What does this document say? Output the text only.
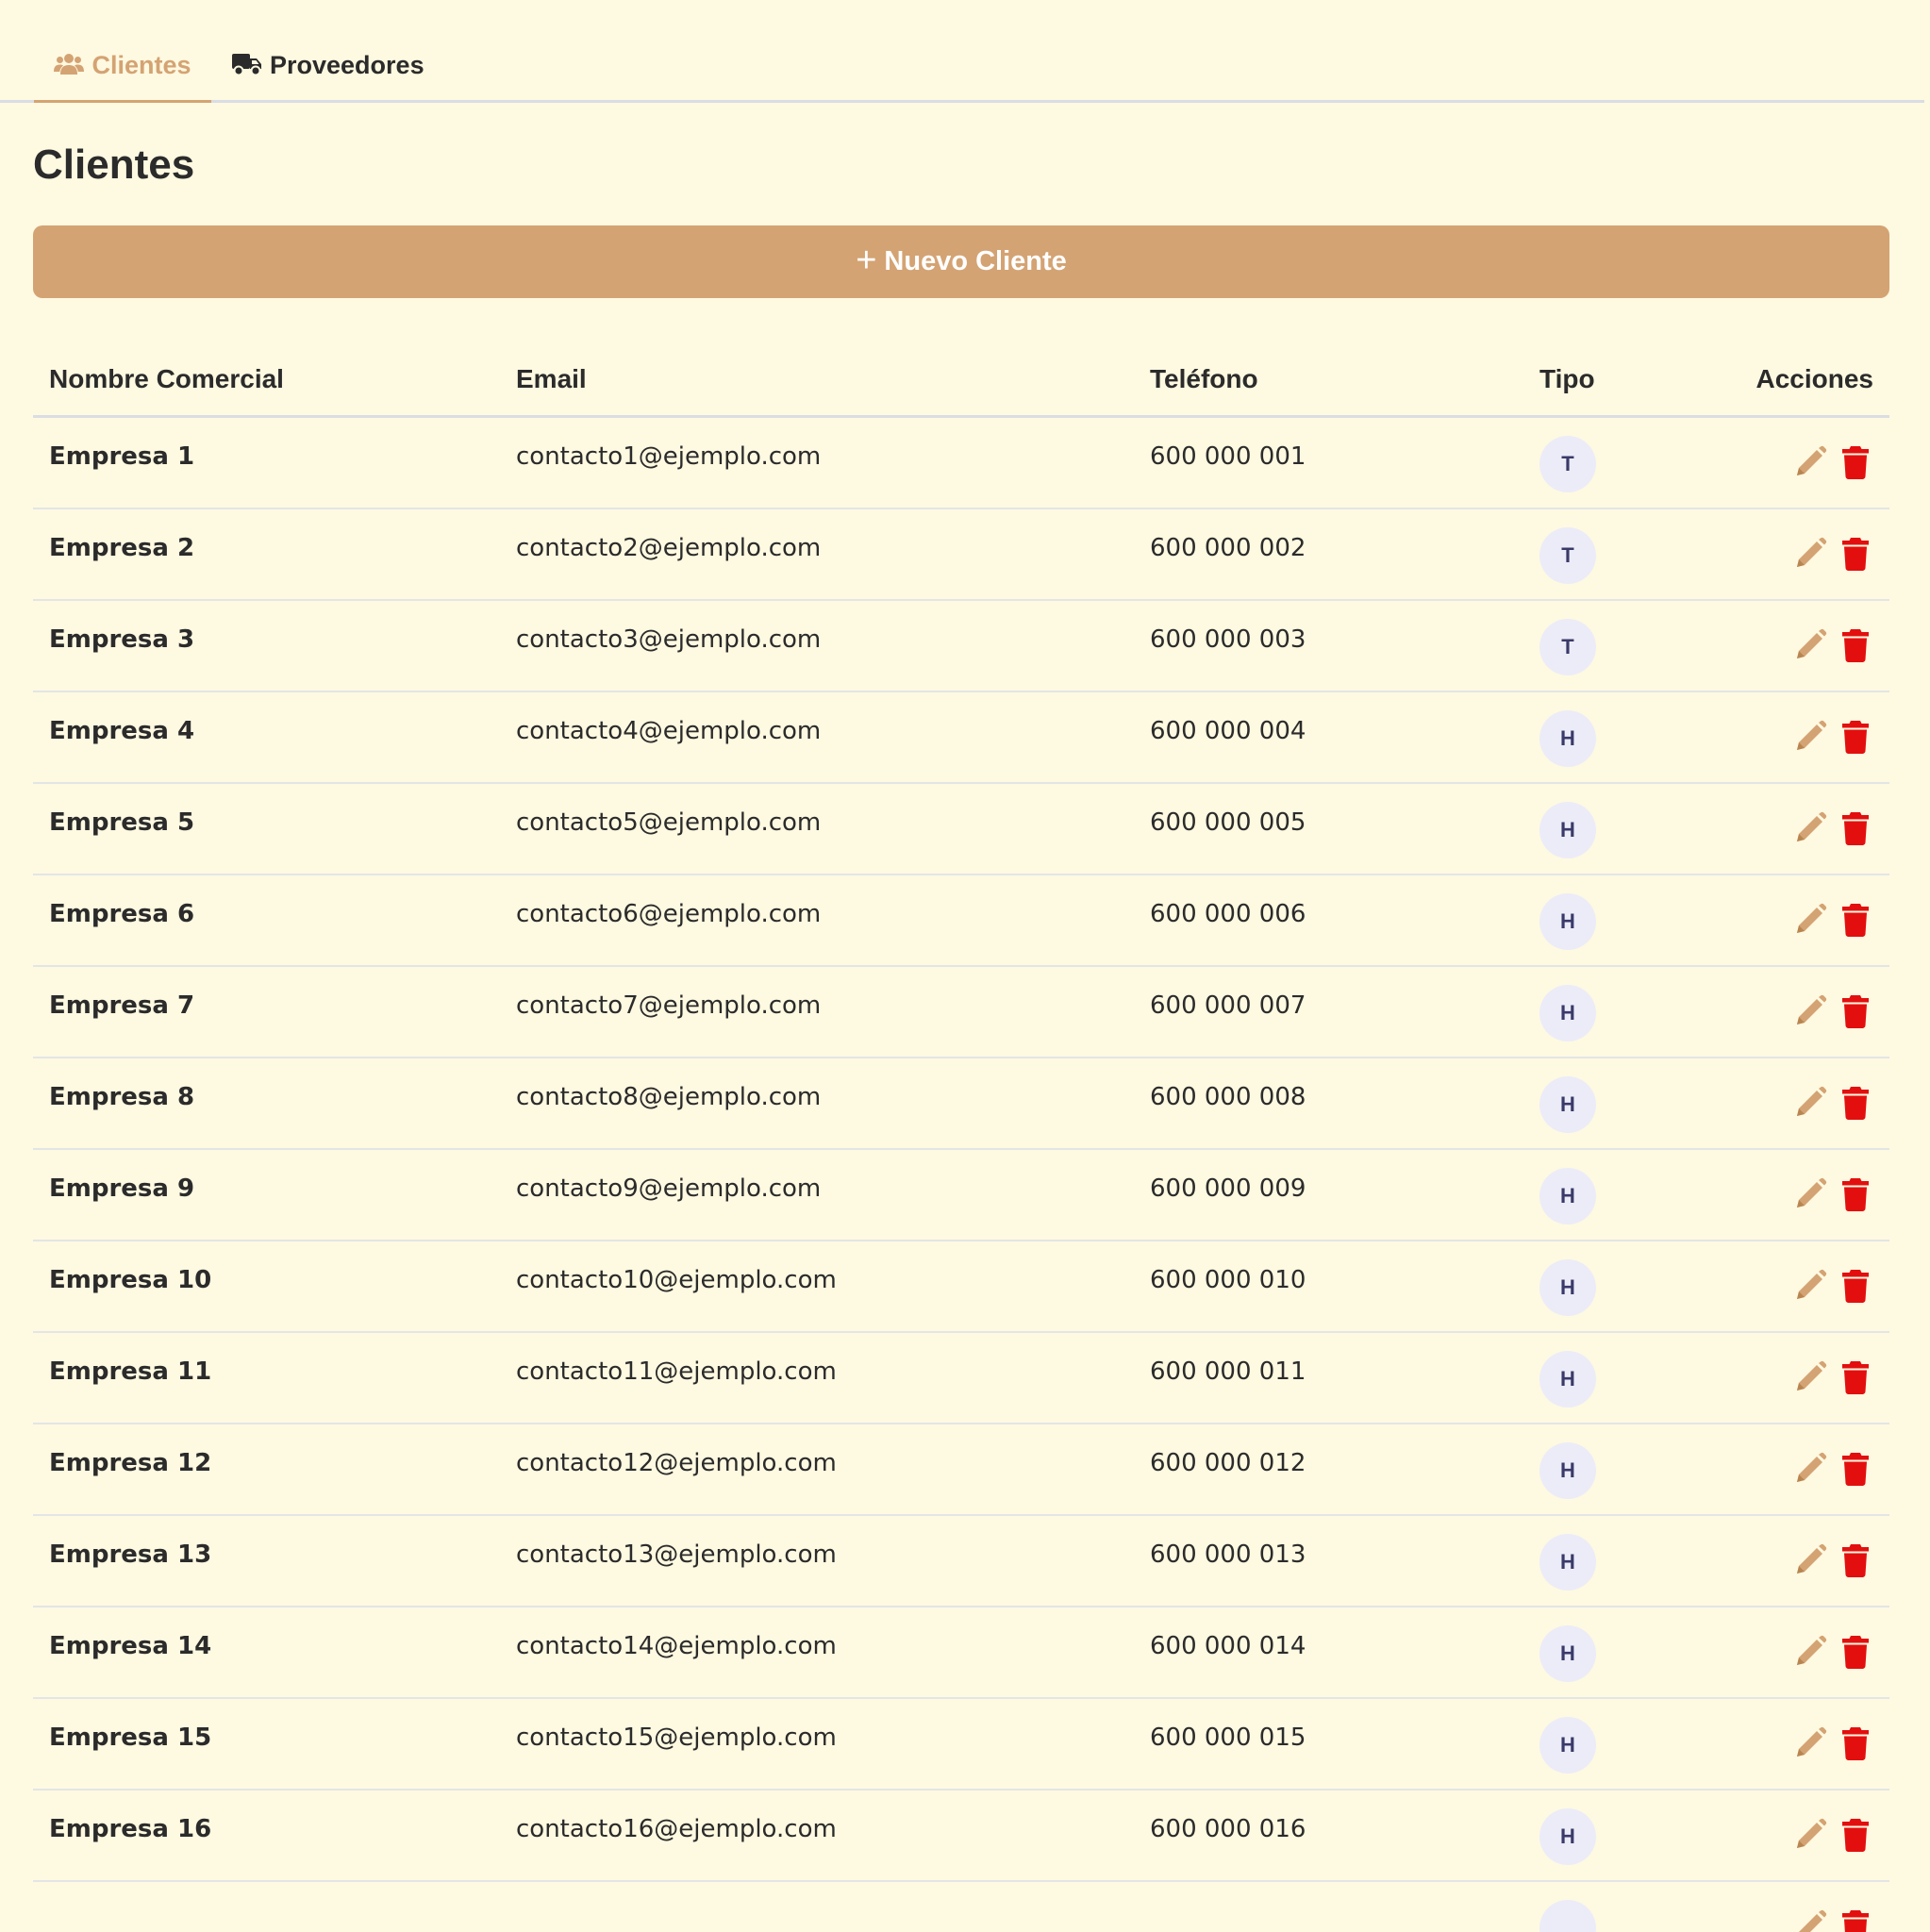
Clientes	Proveedores
Clientes
+ Nuevo Cliente
Nombre Comercial	Email	Teléfono	Tipo	Acciones
Empresa 1	contacto1@ejemplo.com	600 000 001	T	

Empresa 2	contacto2@ejemplo.com	600 000 002	T	

Empresa 3	contacto3@ejemplo.com	600 000 003	T	

Empresa 4	contacto4@ejemplo.com	600 000 004	H	

Empresa 5	contacto5@ejemplo.com	600 000 005	H	

Empresa 6	contacto6@ejemplo.com	600 000 006	H	

Empresa 7	contacto7@ejemplo.com	600 000 007	H	

Empresa 8	contacto8@ejemplo.com	600 000 008	H	

Empresa 9	contacto9@ejemplo.com	600 000 009	H	

Empresa 10	contacto10@ejemplo.com	600 000 010	H	

Empresa 11	contacto11@ejemplo.com	600 000 011	H	

Empresa 12	contacto12@ejemplo.com	600 000 012	H	

Empresa 13	contacto13@ejemplo.com	600 000 013	H	

Empresa 14	contacto14@ejemplo.com	600 000 014	H	

Empresa 15	contacto15@ejemplo.com	600 000 015	H	

Empresa 16	contacto16@ejemplo.com	600 000 016	H	
